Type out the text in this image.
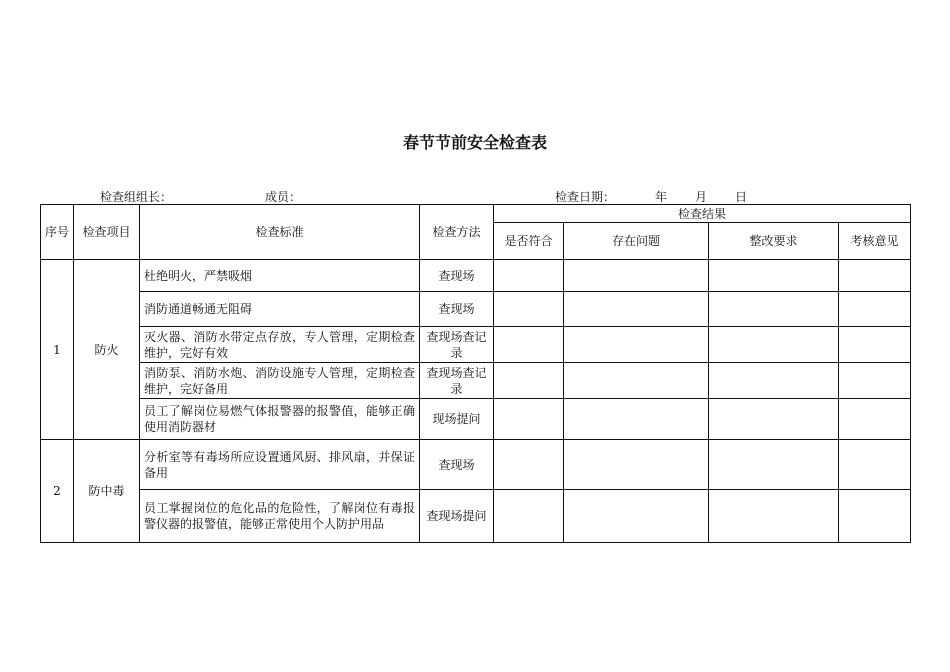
春节节前安全检查表
检查组组长：	成员：	检查日期：	年 月 日
序号	检查项目	检查标准	检查方法	检查结果			
				是否符合	存在问题	整改要求	考核意见
1	防火	杜绝明火，严禁吸烟	查现场				
		消防通道畅通无阻碍	查现场				
		灭火器、消防水带定点存放，专人管理，定期检查维护，完好有效	查现场查记录				
		消防泵、消防水炮、消防设施专人管理，定期检查维护，完好备用	查现场查记录				
		员工了解岗位易燃气体报警器的报警值，能够正确使用消防器材	现场提问				
2	防中毒	分析室等有毒场所应设置通风厨、排风扇，并保证备用	查现场				
		员工掌握岗位的危化品的危险性，了解岗位有毒报警仪器的报警值，能够正常使用个人防护用品	查现场提问				
